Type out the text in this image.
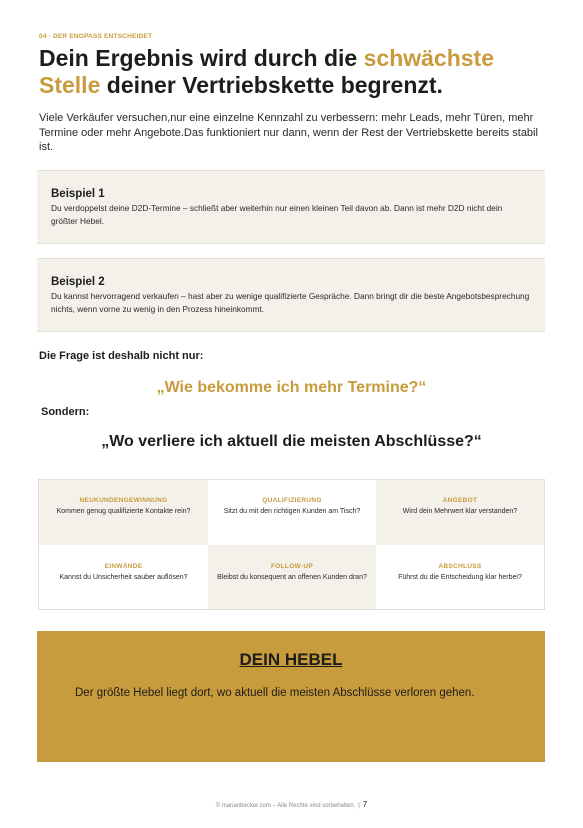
04 · DER ENGPASS ENTSCHEIDET
Dein Ergebnis wird durch die schwächste Stelle deiner Vertriebskette begrenzt.

Viele Verkäufer versuchen,nur eine einzelne Kennzahl zu verbessern: mehr Leads, mehr Türen, mehr Termine oder mehr Angebote.Das funktioniert nur dann, wenn der Rest der Vertriebskette bereits stabil ist.

Beispiel 1
Du verdoppelst deine D2D-Termine – schließt aber weiterhin nur einen kleinen Teil davon ab. Dann ist mehr D2D nicht dein größter Hebel.
Beispiel 2
Du kannst hervorragend verkaufen – hast aber zu wenige qualifizierte Gespräche. Dann bringt dir die beste Angebotsbesprechung nichts, wenn vorne zu wenig in den Prozess hineinkommt.
Die Frage ist deshalb nicht nur:
„Wie bekomme ich mehr Termine?“
Sondern:
„Wo verliere ich aktuell die meisten Abschlüsse?“
NEUKUNDENGEWINNUNG
Kommen genug qualifizierte Kontakte rein?
QUALIFIZIERUNG
Sitzt du mit den richtigen Kunden am Tisch?
ANGEBOT
Wird dein Mehrwert klar verstanden?
EINWÄNDE
Kannst du Unsicherheit sauber auflösen?
FOLLOW-UP
Bleibst du konsequent an offenen Kunden dran?
ABSCHLUSS
Führst du die Entscheidung klar herbei?
DEIN HEBEL
Der größte Hebel liegt dort, wo aktuell die meisten Abschlüsse verloren gehen.
© marianbecker.com – Alle Rechte sind vorbehalten. | 7
